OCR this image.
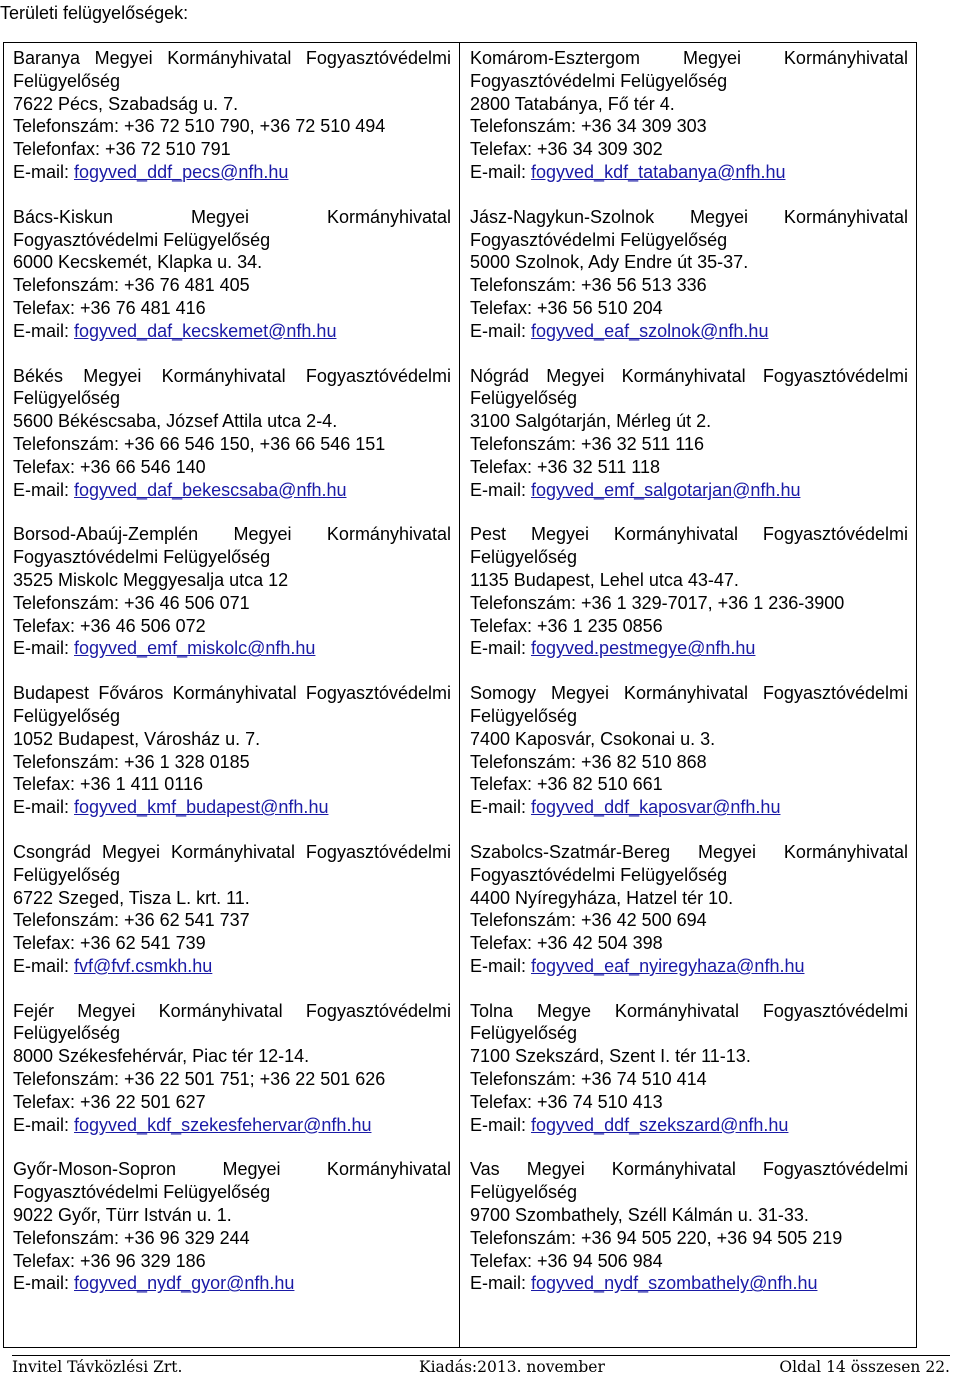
Területi felügyelőségek:
Baranya Megyei Kormányhivatal Fogyasztóvédelmi Felügyelőség
7622 Pécs, Szabadság u. 7.
Telefonszám: +36 72 510 790, +36 72 510 494
Telefonfax: +36 72 510 791
E-mail: fogyved_ddf_pecs@nfh.hu
Bács-Kiskun Megyei Kormányhivatal Fogyasztóvédelmi Felügyelőség
6000 Kecskemét, Klapka u. 34.
Telefonszám: +36 76 481 405
Telefax: +36 76 481 416
E-mail: fogyved_daf_kecskemet@nfh.hu
Békés Megyei Kormányhivatal Fogyasztóvédelmi Felügyelőség
5600 Békéscsaba, József Attila utca 2-4.
Telefonszám: +36 66 546 150, +36 66 546 151
Telefax: +36 66 546 140
E-mail: fogyved_daf_bekescsaba@nfh.hu
Borsod-Abaúj-Zemplén Megyei Kormányhivatal Fogyasztóvédelmi Felügyelőség
3525 Miskolc Meggyesalja utca 12
Telefonszám: +36 46 506 071
Telefax: +36 46 506 072
E-mail: fogyved_emf_miskolc@nfh.hu
Budapest Főváros Kormányhivatal Fogyasztóvédelmi Felügyelőség
1052 Budapest, Városház u. 7.
Telefonszám: +36 1 328 0185
Telefax: +36 1 411 0116
E-mail: fogyved_kmf_budapest@nfh.hu
Csongrád Megyei Kormányhivatal Fogyasztóvédelmi Felügyelőség
6722 Szeged, Tisza L. krt. 11.
Telefonszám: +36 62 541 737
Telefax: +36 62 541 739
E-mail: fvf@fvf.csmkh.hu
Fejér Megyei Kormányhivatal Fogyasztóvédelmi Felügyelőség
8000 Székesfehérvár, Piac tér 12-14.
Telefonszám: +36 22 501 751; +36 22 501 626
Telefax: +36 22 501 627
E-mail: fogyved_kdf_szekesfehervar@nfh.hu
Győr-Moson-Sopron Megyei Kormányhivatal Fogyasztóvédelmi Felügyelőség
9022 Győr, Türr István u. 1.
Telefonszám: +36 96 329 244
Telefax: +36 96 329 186
E-mail: fogyved_nydf_gyor@nfh.hu
Komárom-Esztergom Megyei Kormányhivatal Fogyasztóvédelmi Felügyelőség
2800 Tatabánya, Fő tér 4.
Telefonszám: +36 34 309 303
Telefax: +36 34 309 302
E-mail: fogyved_kdf_tatabanya@nfh.hu
Jász-Nagykun-Szolnok Megyei Kormányhivatal Fogyasztóvédelmi Felügyelőség
5000 Szolnok, Ady Endre út 35-37.
Telefonszám: +36 56 513 336
Telefax: +36 56 510 204
E-mail: fogyved_eaf_szolnok@nfh.hu
Nógrád Megyei Kormányhivatal Fogyasztóvédelmi Felügyelőség
3100 Salgótarján, Mérleg út 2.
Telefonszám: +36 32 511 116
Telefax: +36 32 511 118
E-mail: fogyved_emf_salgotarjan@nfh.hu
Pest Megyei Kormányhivatal Fogyasztóvédelmi Felügyelőség
1135 Budapest, Lehel utca 43-47.
Telefonszám: +36 1 329-7017, +36 1 236-3900
Telefax: +36 1 235 0856
E-mail: fogyved.pestmegye@nfh.hu
Somogy Megyei Kormányhivatal Fogyasztóvédelmi Felügyelőség
7400 Kaposvár, Csokonai u. 3.
Telefonszám: +36 82 510 868
Telefax: +36 82 510 661
E-mail: fogyved_ddf_kaposvar@nfh.hu
Szabolcs-Szatmár-Bereg Megyei Kormányhivatal Fogyasztóvédelmi Felügyelőség
4400 Nyíregyháza, Hatzel tér 10.
Telefonszám: +36 42 500 694
Telefax: +36 42 504 398
E-mail: fogyved_eaf_nyiregyhaza@nfh.hu
Tolna Megye Kormányhivatal Fogyasztóvédelmi Felügyelőség
7100 Szekszárd, Szent I. tér 11-13.
Telefonszám: +36 74 510 414
Telefax: +36 74 510 413
E-mail: fogyved_ddf_szekszard@nfh.hu
Vas Megyei Kormányhivatal Fogyasztóvédelmi Felügyelőség
9700 Szombathely, Széll Kálmán u. 31-33.
Telefonszám: +36 94 505 220, +36 94 505 219
Telefax: +36 94 506 984
E-mail: fogyved_nydf_szombathely@nfh.hu
Invitel Távközlési Zrt.	Kiadás:2013. november	Oldal 14 összesen 22.
